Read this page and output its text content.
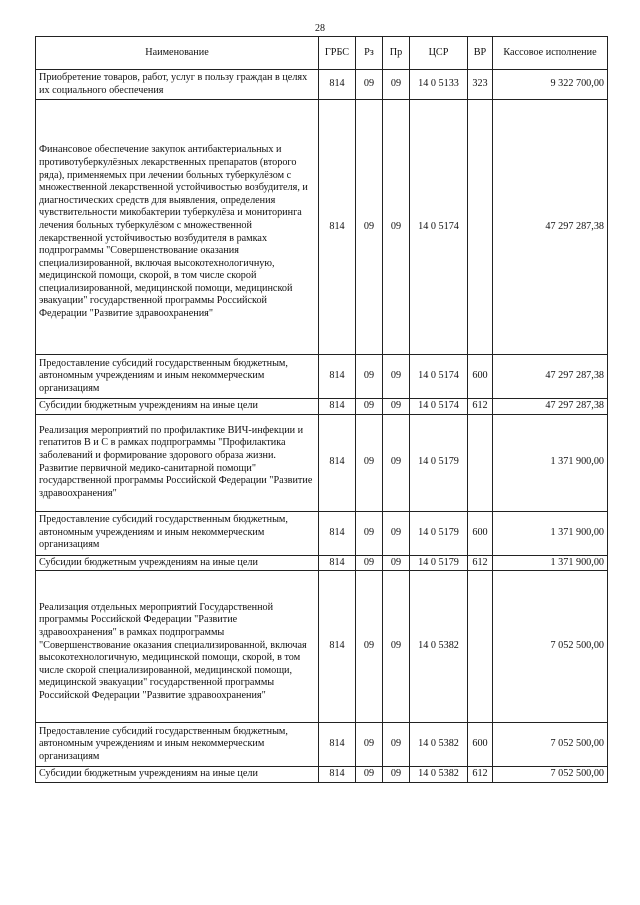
28
Наименование	ГРБС	Рз	Пр	ЦСР	ВР	Кассовое исполнение
Приобретение товаров, работ, услуг в пользу граждан в целях их социального обеспечения	814	09	09	14 0 5133	323	9 322 700,00
Финансовое обеспечение закупок антибактериальных и противотуберкулёзных лекарственных препаратов (второго ряда), применяемых при лечении больных туберкулёзом с множественной лекарственной устойчивостью возбудителя, и диагностических средств для выявления, определения чувствительности микобактерии туберкулёза и мониторинга лечения больных туберкулёзом с множественной лекарственной устойчивостью возбудителя в рамках подпрограммы "Совершенствование оказания специализированной, включая высокотехнологичную, медицинской помощи, скорой, в том числе скорой специализированной, медицинской помощи, медицинской эвакуации" государственной программы Российской Федерации "Развитие здравоохранения"	814	09	09	14 0 5174		47 297 287,38
Предоставление субсидий государственным бюджетным, автономным учреждениям и иным некоммерческим организациям	814	09	09	14 0 5174	600	47 297 287,38
Субсидии бюджетным учреждениям на иные цели	814	09	09	14 0 5174	612	47 297 287,38
Реализация мероприятий по профилактике ВИЧ-инфекции и гепатитов В и С в рамках подпрограммы "Профилактика заболеваний и формирование здорового образа жизни. Развитие первичной медико-санитарной помощи" государственной программы Российской Федерации "Развитие здравоохранения"	814	09	09	14 0 5179		1 371 900,00
Предоставление субсидий государственным бюджетным, автономным учреждениям и иным некоммерческим организациям	814	09	09	14 0 5179	600	1 371 900,00
Субсидии бюджетным учреждениям на иные цели	814	09	09	14 0 5179	612	1 371 900,00
Реализация отдельных мероприятий Государственной программы Российской Федерации "Развитие здравоохранения" в рамках подпрограммы "Совершенствование оказания специализированной, включая высокотехнологичную, медицинской помощи, скорой, в том числе скорой специализированной, медицинской помощи, медицинской эвакуации" государственной программы Российской Федерации "Развитие здравоохранения"	814	09	09	14 0 5382		7 052 500,00
Предоставление субсидий государственным бюджетным, автономным учреждениям и иным некоммерческим организациям	814	09	09	14 0 5382	600	7 052 500,00
Субсидии бюджетным учреждениям на иные цели	814	09	09	14 0 5382	612	7 052 500,00
